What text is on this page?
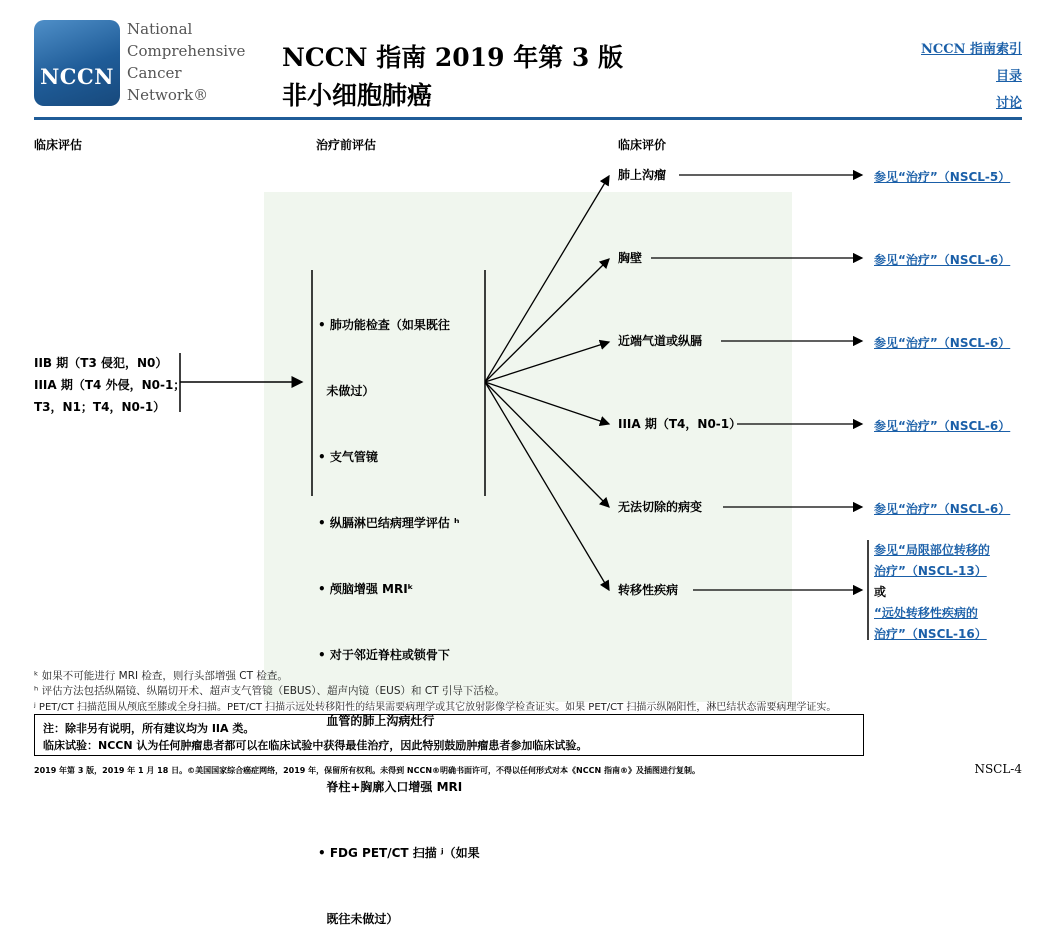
NCCN
National
Comprehensive
Cancer
Network®
NCCN 指南 2019 年第 3 版
非小细胞肺癌
NCCN 指南索引
目录
讨论
临床评估	治疗前评估	临床评价
IIB 期（T3 侵犯，N0）
IIIA 期（T4 外侵，N0-1；
T3，N1；T4，N0-1）

• 肺功能检查（如果既往

未做过）

• 支气管镜

• 纵膈淋巴结病理学评估 ʰ

• 颅脑增强 MRIᵏ

• 对于邻近脊柱或锁骨下

血管的肺上沟病灶行

脊柱+胸廓入口增强 MRI

• FDG PET/CT 扫描 ʲ（如果

既往未做过）

肺上沟瘤
胸壁
近端气道或纵膈
IIIA 期（T4，N0-1）
无法切除的病变
转移性疾病
参见“治疗”（NSCL-5）
参见“治疗”（NSCL-6）
参见“治疗”（NSCL-6）
参见“治疗”（NSCL-6）
参见“治疗”（NSCL-6）
参见“局限部位转移的
治疗”（NSCL-13）
或
“远处转移性疾病的
治疗”（NSCL-16）
ᵏ 如果不可能进行 MRI 检查，则行头部增强 CT 检查。
ʰ 评估方法包括纵隔镜、纵隔切开术、超声支气管镜（EBUS）、超声内镜（EUS）和 CT 引导下活检。
ʲ PET/CT 扫描范围从颅底至膝或全身扫描。PET/CT 扫描示远处转移阳性的结果需要病理学或其它放射影像学检查证实。如果 PET/CT 扫描示纵隔阳性，淋巴结状态需要病理学证实。
注：除非另有说明，所有建议均为 IIA 类。
临床试验：NCCN 认为任何肿瘤患者都可以在临床试验中获得最佳治疗，因此特别鼓励肿瘤患者参加临床试验。
2019 年第 3 版，2019 年 1 月 18 日。©美国国家综合癌症网络，2019 年，保留所有权利。未得到 NCCN®明确书面许可，不得以任何形式对本《NCCN 指南®》及插图进行复制。	NSCL-4
